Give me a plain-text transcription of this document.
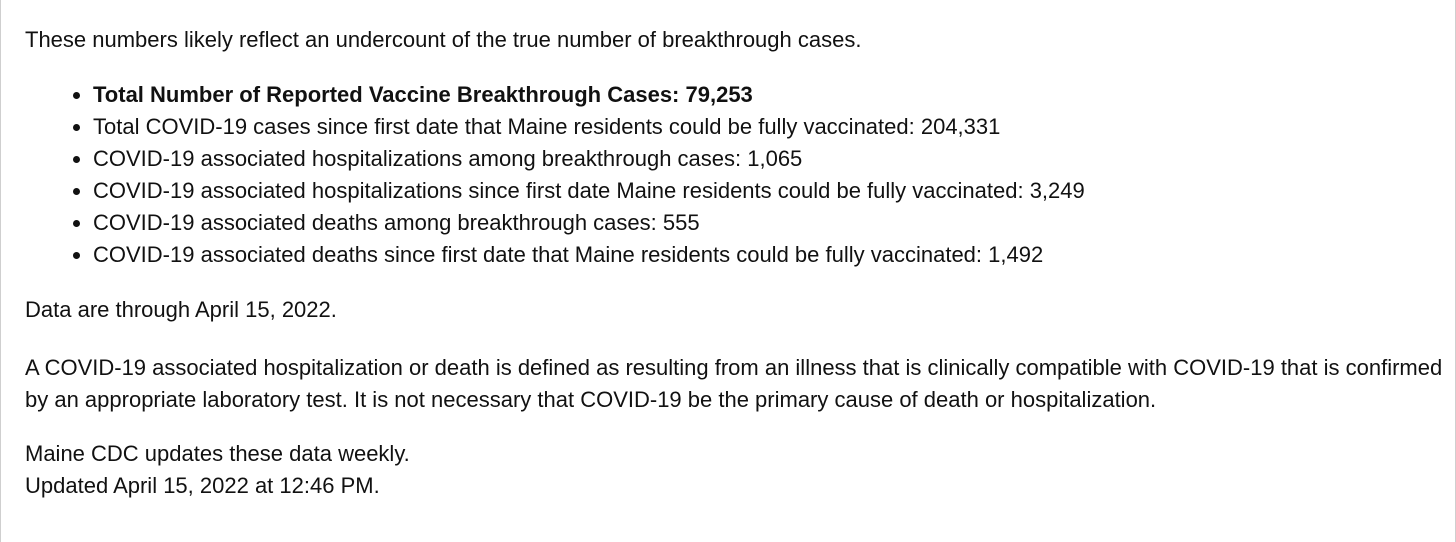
These numbers likely reflect an undercount of the true number of breakthrough cases.

• Total Number of Reported Vaccine Breakthrough Cases: 79,253
• Total COVID-19 cases since first date that Maine residents could be fully vaccinated: 204,331
• COVID-19 associated hospitalizations among breakthrough cases: 1,065
• COVID-19 associated hospitalizations since first date Maine residents could be fully vaccinated: 3,249
• COVID-19 associated deaths among breakthrough cases: 555
• COVID-19 associated deaths since first date that Maine residents could be fully vaccinated: 1,492

Data are through April 15, 2022.

A COVID-19 associated hospitalization or death is defined as resulting from an illness that is clinically compatible with COVID-19 that is confirmed by an appropriate laboratory test. It is not necessary that COVID-19 be the primary cause of death or hospitalization.

Maine CDC updates these data weekly.

Updated April 15, 2022 at 12:46 PM.
